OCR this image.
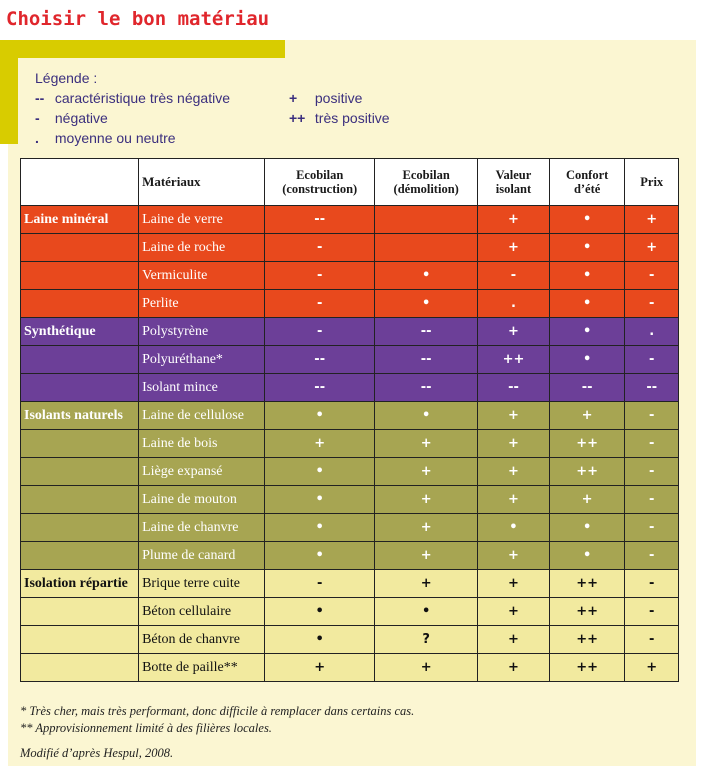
Choisir le bon matériau
Légende :
-- caractéristique très négative
- négative
. moyenne ou neutre
+ positive
++ très positive
	Matériaux	Ecobilan (construction)	Ecobilan (démolition)	Valeur isolant	Confort d’été	Prix
Laine minéral	Laine de verre	--		+	•	+
	Laine de roche	-		+	•	+
	Vermiculite	-	•	-	•	-
	Perlite	-	•	.	•	-
Synthétique	Polystyrène	-	--	+	•	.
	Polyuréthane*	--	--	++	•	-
	Isolant mince	--	--	--	--	--
Isolants naturels	Laine de cellulose	•	•	+	+	-
	Laine de bois	+	+	+	++	-
	Liège expansé	•	+	+	++	-
	Laine de mouton	•	+	+	+	-
	Laine de chanvre	•	+	•	•	-
	Plume de canard	•	+	+	•	-
Isolation répartie	Brique terre cuite	-	+	+	++	-
	Béton cellulaire	•	•	+	++	-
	Béton de chanvre	•	?	+	++	-
	Botte de paille**	+	+	+	++	+
* Très cher, mais très performant, donc difficile à remplacer dans certains cas.
** Approvisionnement limité à des filières locales.
Modifié d’après Hespul, 2008.
